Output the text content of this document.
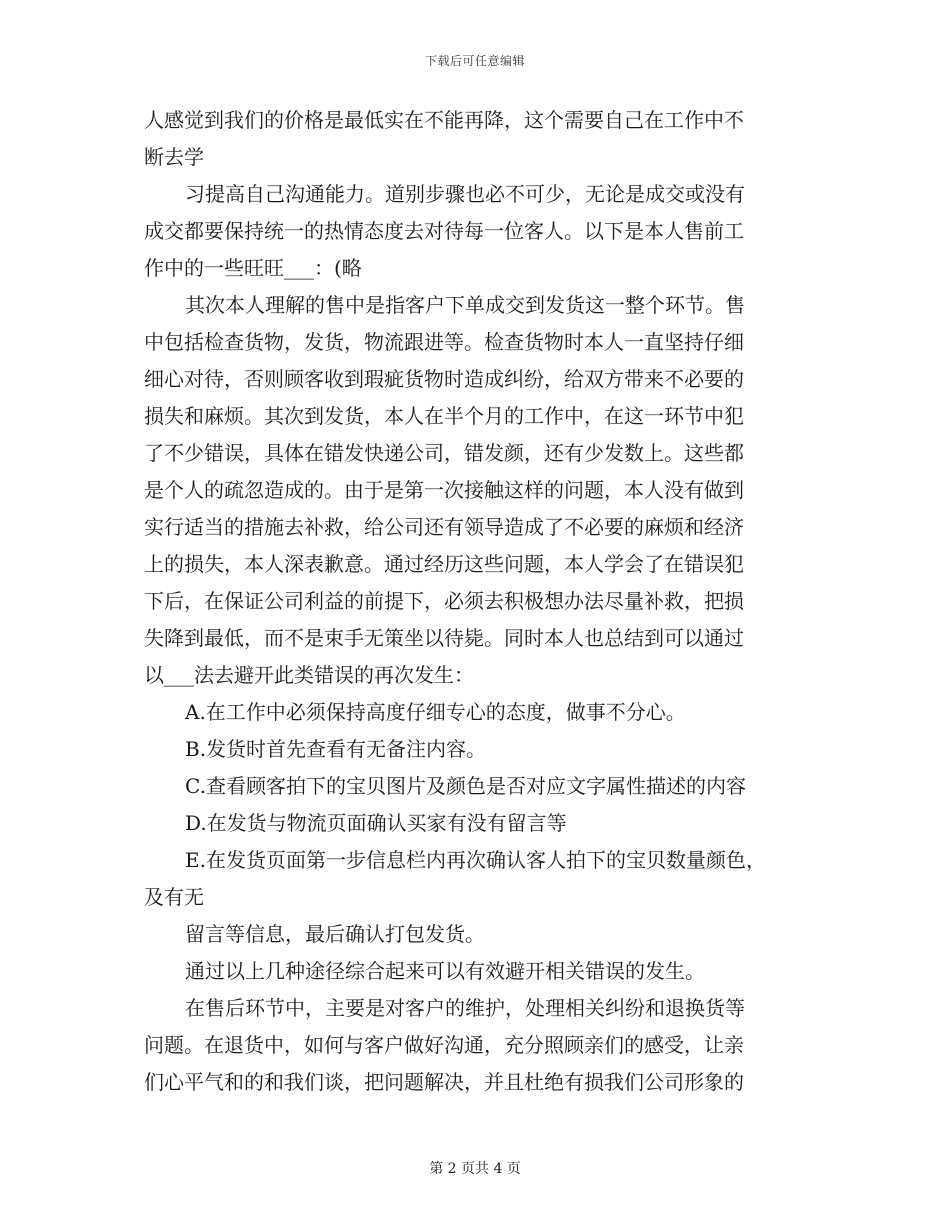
下载后可任意编辑
人感觉到我们的价格是最低实在不能再降，这个需要自己在工作中不
断去学
习提高自己沟通能力。道别步骤也必不可少，无论是成交或没有
成交都要保持统一的热情态度去对待每一位客人。以下是本人售前工
作中的一些旺旺___：(略
其次本人理解的售中是指客户下单成交到发货这一整个环节。售
中包括检查货物，发货，物流跟进等。检查货物时本人一直坚持仔细
细心对待，否则顾客收到瑕疵货物时造成纠纷，给双方带来不必要的
损失和麻烦。其次到发货，本人在半个月的工作中，在这一环节中犯
了不少错误，具体在错发快递公司，错发颜，还有少发数上。这些都
是个人的疏忽造成的。由于是第一次接触这样的问题，本人没有做到
实行适当的措施去补救，给公司还有领导造成了不必要的麻烦和经济
上的损失，本人深表歉意。通过经历这些问题，本人学会了在错误犯
下后，在保证公司利益的前提下，必须去积极想办法尽量补救，把损
失降到最低，而不是束手无策坐以待毙。同时本人也总结到可以通过
以___法去避开此类错误的再次发生：
A.在工作中必须保持高度仔细专心的态度，做事不分心。
B.发货时首先查看有无备注内容。
C.查看顾客拍下的宝贝图片及颜色是否对应文字属性描述的内容
D.在发货与物流页面确认买家有没有留言等
E.在发货页面第一步信息栏内再次确认客人拍下的宝贝数量颜色，
及有无
留言等信息，最后确认打包发货。
通过以上几种途径综合起来可以有效避开相关错误的发生。
在售后环节中，主要是对客户的维护，处理相关纠纷和退换货等
问题。在退货中，如何与客户做好沟通，充分照顾亲们的感受，让亲
们心平气和的和我们谈，把问题解决，并且杜绝有损我们公司形象的
第 2 页共 4 页
